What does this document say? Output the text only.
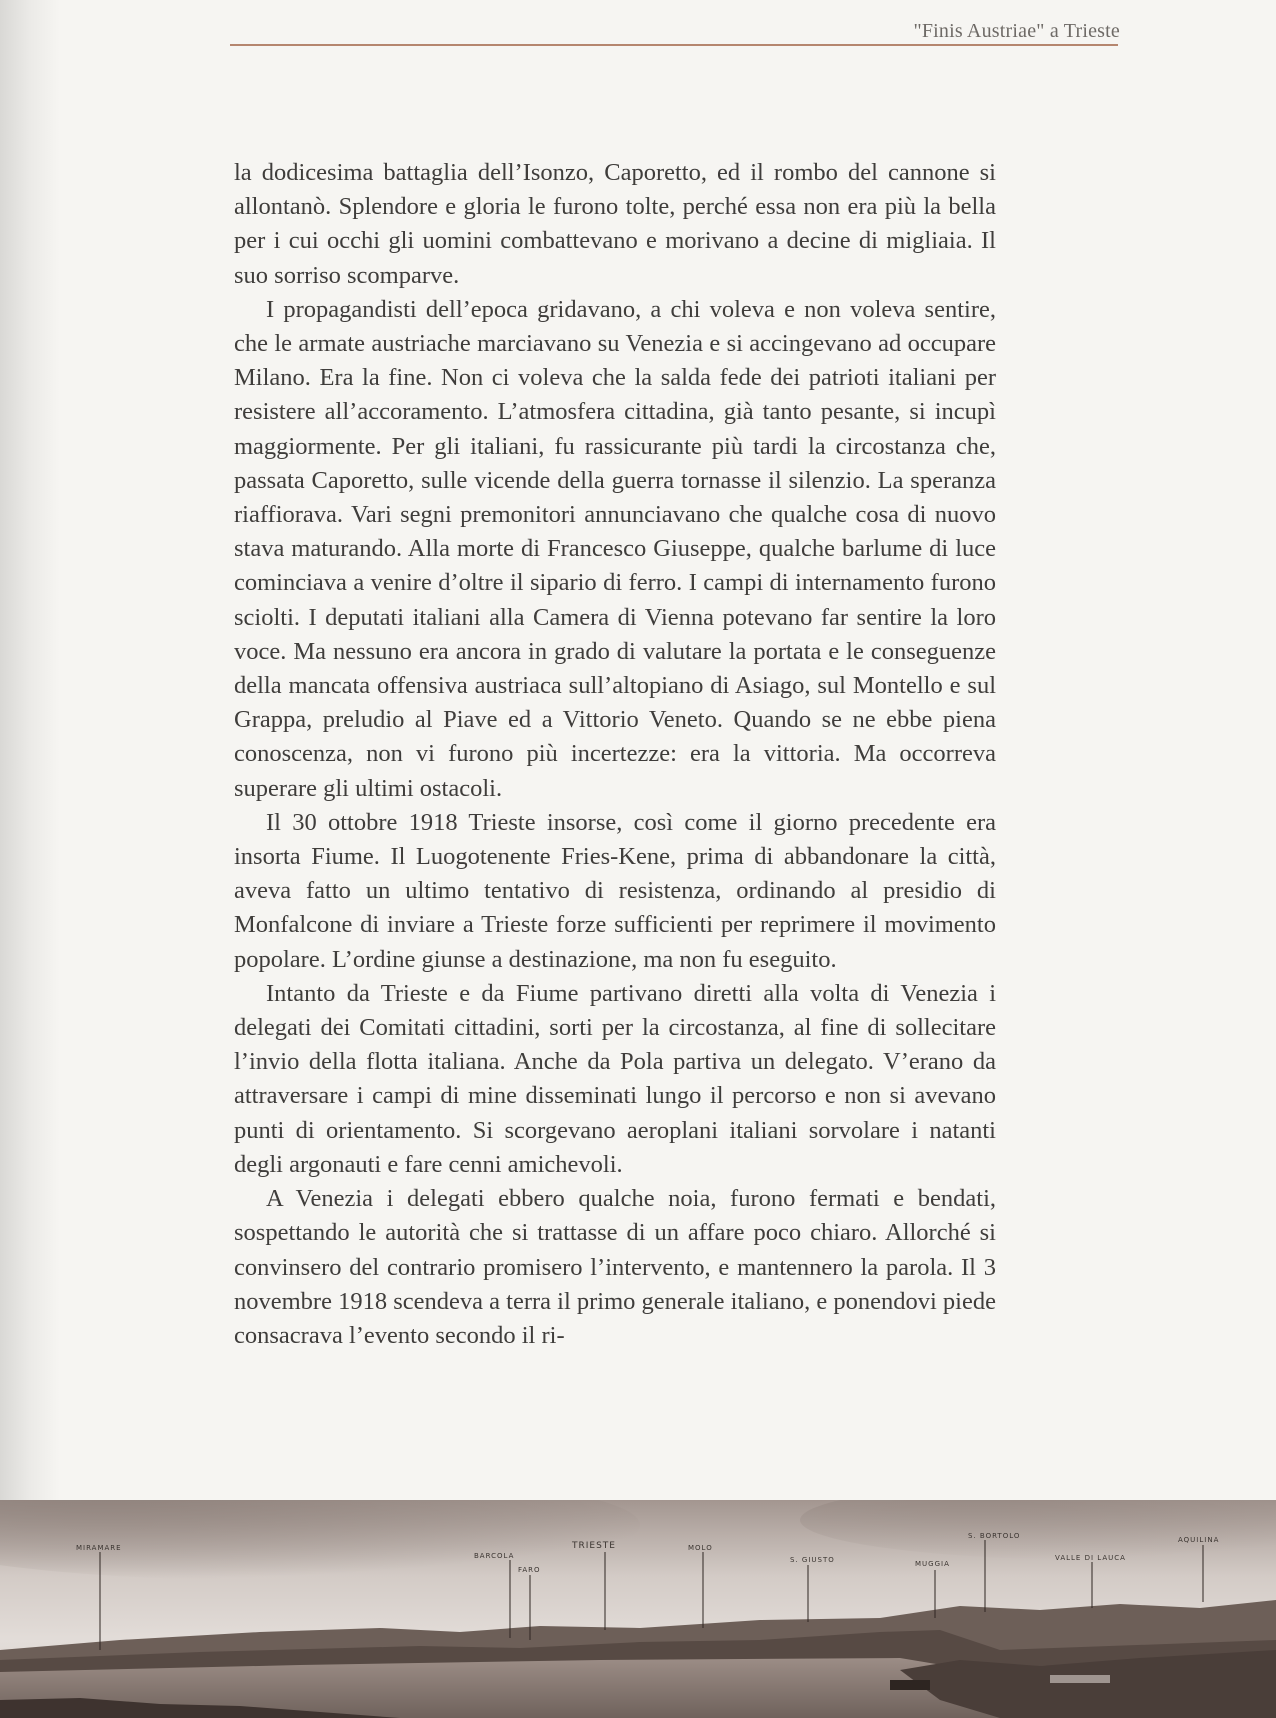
"Finis Austriae" a Trieste

la dodicesima battaglia dell’Isonzo, Caporetto, ed il rombo del cannone si allontanò. Splendore e gloria le furono tolte, perché essa non era più la bella per i cui occhi gli uomini combattevano e morivano a decine di migliaia. Il suo sorriso scomparve.

I propagandisti dell’epoca gridavano, a chi voleva e non voleva sentire, che le armate austriache marciavano su Venezia e si accingevano ad occupare Milano. Era la fine. Non ci voleva che la salda fede dei patrioti italiani per resistere all’accoramento. L’atmosfera cittadina, già tanto pesante, si incupì maggiormente. Per gli italiani, fu rassicurante più tardi la circostanza che, passata Caporetto, sulle vicende della guerra tornasse il silenzio. La speranza riaffiorava. Vari segni premonitori annunciavano che qualche cosa di nuovo stava maturando. Alla morte di Francesco Giuseppe, qualche barlume di luce cominciava a venire d’oltre il sipario di ferro. I campi di internamento furono sciolti. I deputati italiani alla Camera di Vienna potevano far sentire la loro voce. Ma nessuno era ancora in grado di valutare la portata e le conseguenze della mancata offensiva austriaca sull’altopiano di Asiago, sul Montello e sul Grappa, preludio al Piave ed a Vittorio Veneto. Quando se ne ebbe piena conoscenza, non vi furono più incertezze: era la vittoria. Ma occorreva superare gli ultimi ostacoli.

Il 30 ottobre 1918 Trieste insorse, così come il giorno precedente era insorta Fiume. Il Luogotenente Fries-Kene, prima di abbandonare la città, aveva fatto un ultimo tentativo di resistenza, ordinando al presidio di Monfalcone di inviare a Trieste forze sufficienti per reprimere il movimento popolare. L’ordine giunse a destinazione, ma non fu eseguito.

Intanto da Trieste e da Fiume partivano diretti alla volta di Venezia i delegati dei Comitati cittadini, sorti per la circostanza, al fine di sollecitare l’invio della flotta italiana. Anche da Pola partiva un delegato. V’erano da attraversare i campi di mine disseminati lungo il percorso e non si avevano punti di orientamento. Si scorgevano aeroplani italiani sorvolare i natanti degli argonauti e fare cenni amichevoli.

A Venezia i delegati ebbero qualche noia, furono fermati e bendati, sospettando le autorità che si trattasse di un affare poco chiaro. Allorché si convinsero del contrario promisero l’intervento, e mantennero la parola. Il 3 novembre 1918 scendeva a terra il primo generale italiano, e ponendovi piede consacrava l’evento secondo il ri-

MIRAMARE
BARCOLA
FARO
TRIESTE	MOLO
S. GIUSTO	MUGGIA
S. BORTOLO
VALLE DI LAUCA
AQUILINA
